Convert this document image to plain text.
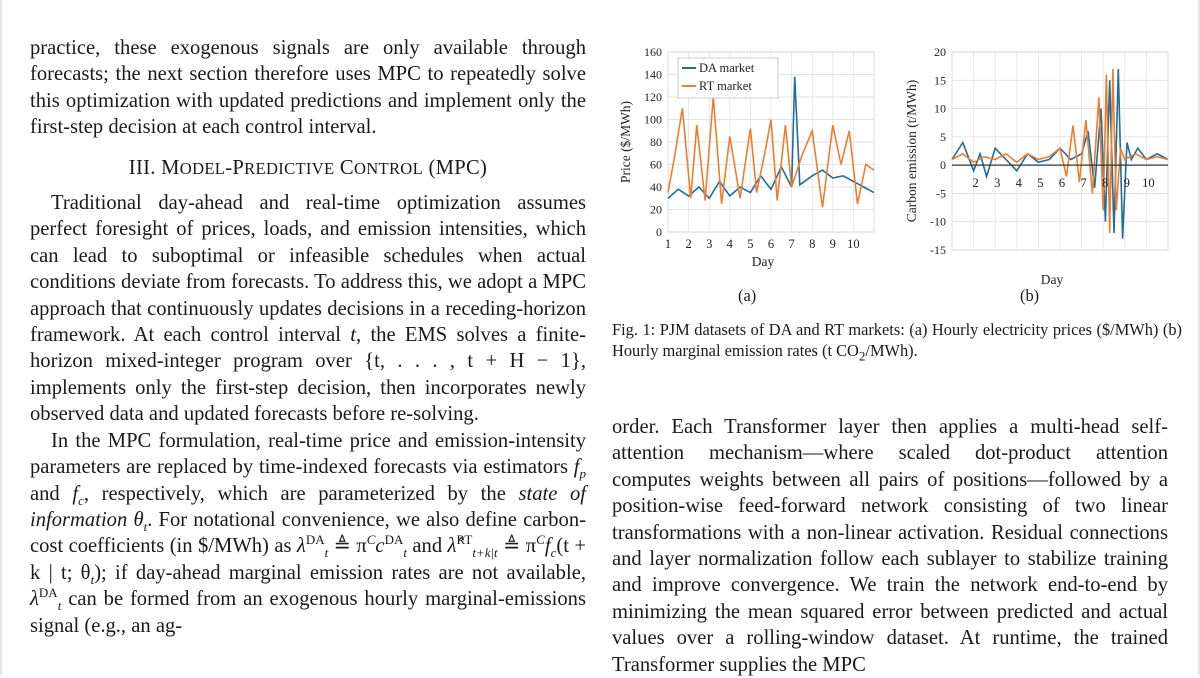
practice, these exogenous signals are only available through forecasts; the next section therefore uses MPC to repeatedly solve this optimization with updated predictions and implement only the first-step decision at each control interval.

III. MODEL-PREDICTIVE CONTROL (MPC)

Traditional day-ahead and real-time optimization assumes perfect foresight of prices, loads, and emission intensities, which can lead to suboptimal or infeasible schedules when actual conditions deviate from forecasts. To address this, we adopt a MPC approach that continuously updates decisions in a receding-horizon framework. At each control interval t, the EMS solves a finite-horizon mixed-integer program over {t, . . . , t + H − 1}, implements only the first-step decision, then incorporates newly observed data and updated forecasts before re-solving.

In the MPC formulation, real-time price and emission-intensity parameters are replaced by time-indexed forecasts via estimators $f_p$ and $f_c$, respectively, which are parameterized by the state of information $\theta_t$. For notational convenience, we also define carbon-cost coefficients (in $/MWh) as $\lambda^{DA}_t$ ≜ $\pi^Cc^{DA}_t$ and λ̂$^{RT}_{t+k|t}$ ≜ $\pi^Cf_c(t + k$ | t; $\theta_t$); if day-ahead marginal emission rates are not available, $\lambda^{DA}_t$ can be formed from an exogenous hourly marginal-emissions signal (e.g., an ag-

0
20
40
60
80
100
120
140
160
1 2 3 4 5 6 7 8 9 10
Day
Price ($/MWh)
DA market
RT market
-15
-10
-5
0
5
10
15
20
2 3 4 5 6 7 8 9 10
Day
Carbon emission (t/MWh)
(a)	(b)
Fig. 1: PJM datasets of DA and RT markets: (a) Hourly electricity prices ($/MWh) (b) Hourly marginal emission rates (t $CO_2/MWh$).

order. Each Transformer layer then applies a multi-head self-attention mechanism—where scaled dot-product attention computes weights between all pairs of positions—followed by a position-wise feed-forward network consisting of two linear transformations with a non-linear activation. Residual connections and layer normalization follow each sublayer to stabilize training and improve convergence. We train the network end-to-end by minimizing the mean squared error between predicted and actual values over a rolling-window dataset. At runtime, the trained Transformer supplies the MPC
